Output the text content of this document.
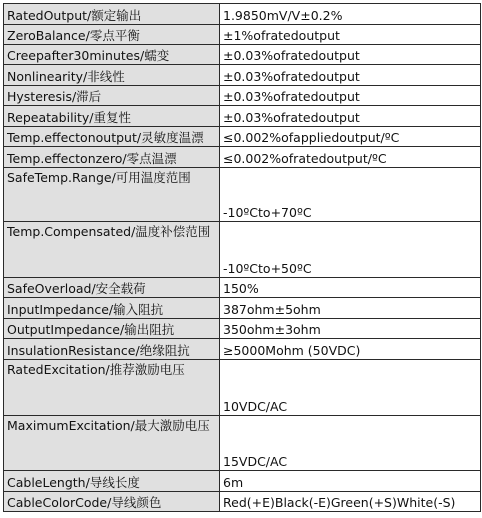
RatedOutput/额定输出	1.9850mV/V±0.2%
ZeroBalance/零点平衡	±1%ofratedoutput
Creepafter30minutes/蠕变	±0.03%ofratedoutput
Nonlinearity/非线性	±0.03%ofratedoutput
Hysteresis/滞后	±0.03%ofratedoutput
Repeatability/重复性	±0.03%ofratedoutput
Temp.effectonoutput/灵敏度温漂	≤0.002%ofappliedoutput/ºC
Temp.effectonzero/零点温漂	≤0.002%ofratedoutput/ºC
SafeTemp.Range/可用温度范围	-10ºCto+70ºC
Temp.Compensated/温度补偿范围	-10ºCto+50ºC
SafeOverload/安全载荷	150%
InputImpedance/输入阻抗	387ohm±5ohm
OutputImpedance/输出阻抗	350ohm±3ohm
InsulationResistance/绝缘阻抗	≥5000Mohm (50VDC)
RatedExcitation/推荐激励电压	10VDC/AC
MaximumExcitation/最大激励电压	15VDC/AC
CableLength/导线长度	6m
CableColorCode/导线颜色	Red(+E)Black(-E)Green(+S)White(-S)
